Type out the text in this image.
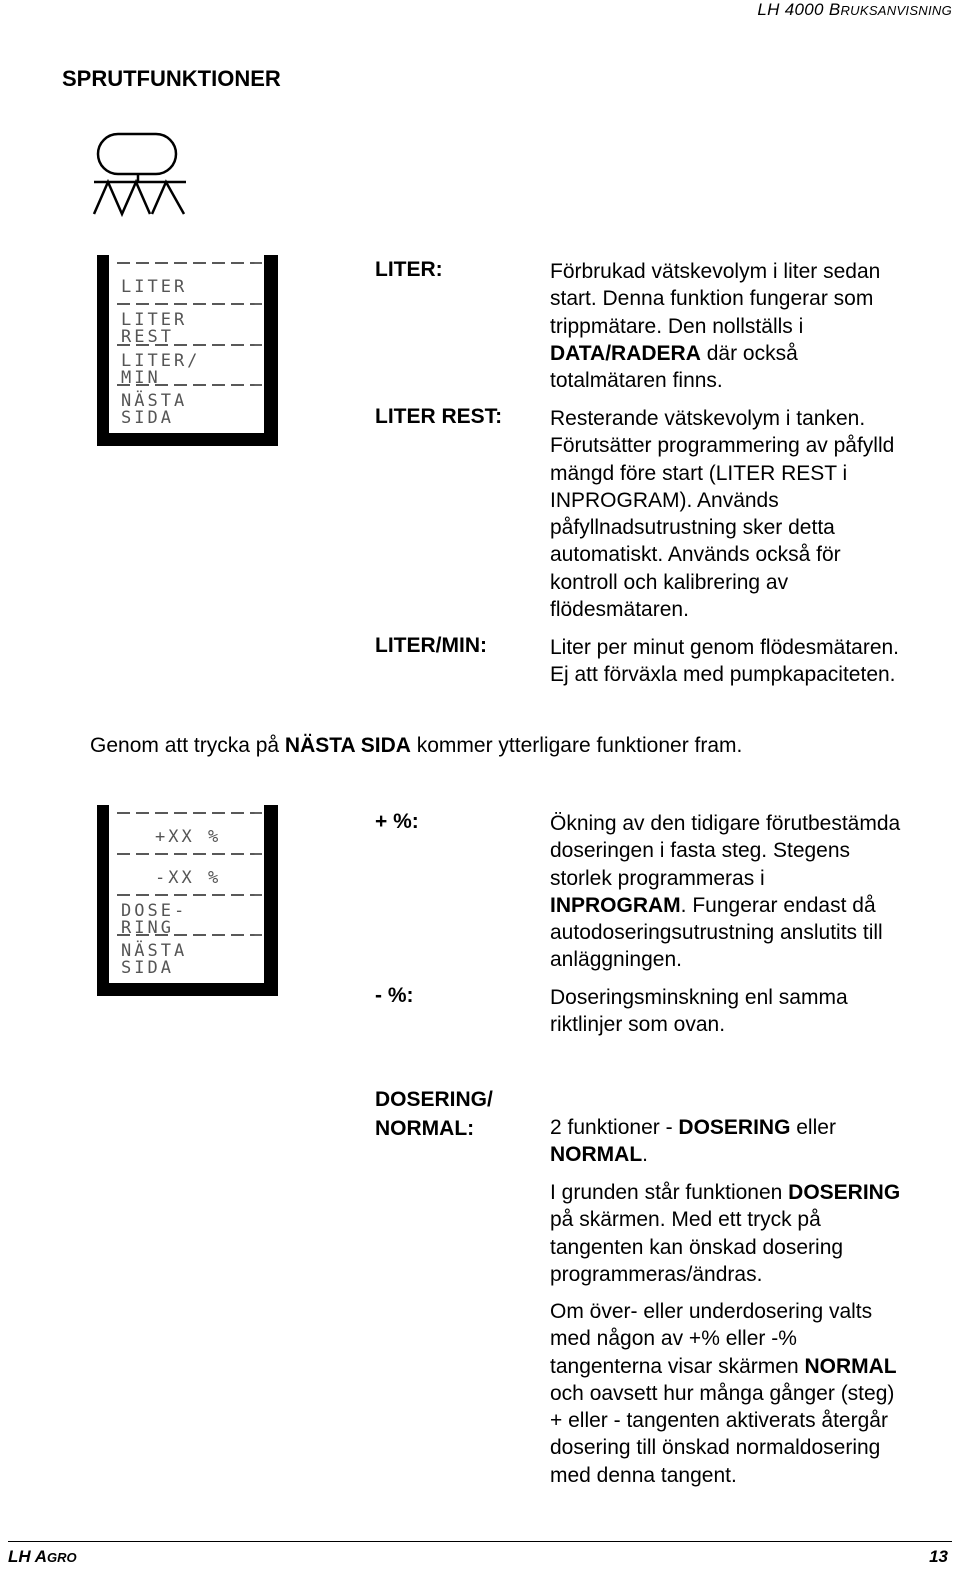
LH 4000 BRUKSANVISNING
SPRUTFUNKTIONER
LITER
LITER
REST
LITER/
MIN
NÄSTA
SIDA
+XX %
-XX %
DOSE-
RING
NÄSTA
SIDA
LITER:	Förbrukad vätskevolym i liter sedan
start. Denna funktion fungerar som
trippmätare. Den nollställs i
DATA/RADERA där också
totalmätaren finns.
LITER REST: Resterande vätskevolym i tanken.
Förutsätter programmering av påfylld
mängd före start (LITER REST i
INPROGRAM). Används
påfyllnadsutrustning sker detta
automatiskt. Används också för
kontroll och kalibrering av
flödesmätaren.
LITER/MIN:	Liter per minut genom flödesmätaren.
Ej att förväxla med pumpkapaciteten.
Genom att trycka på NÄSTA SIDA kommer ytterligare funktioner fram.
+ %:	Ökning av den tidigare förutbestämda
doseringen i fasta steg. Stegens
storlek programmeras i
INPROGRAM. Fungerar endast då
autodoseringsutrustning anslutits till
anläggningen.
- %:	Doseringsminskning enl samma
riktlinjer som ovan.
DOSERING/
NORMAL:	2 funktioner - DOSERING eller
NORMAL.
I grunden står funktionen DOSERING
på skärmen. Med ett tryck på
tangenten kan önskad dosering
programmeras/ändras.
Om över- eller underdosering valts
med någon av +% eller -%
tangenterna visar skärmen NORMAL
och oavsett hur många gånger (steg)
+ eller - tangenten aktiverats återgår
dosering till önskad normaldosering
med denna tangent.
LH AGRO	13
